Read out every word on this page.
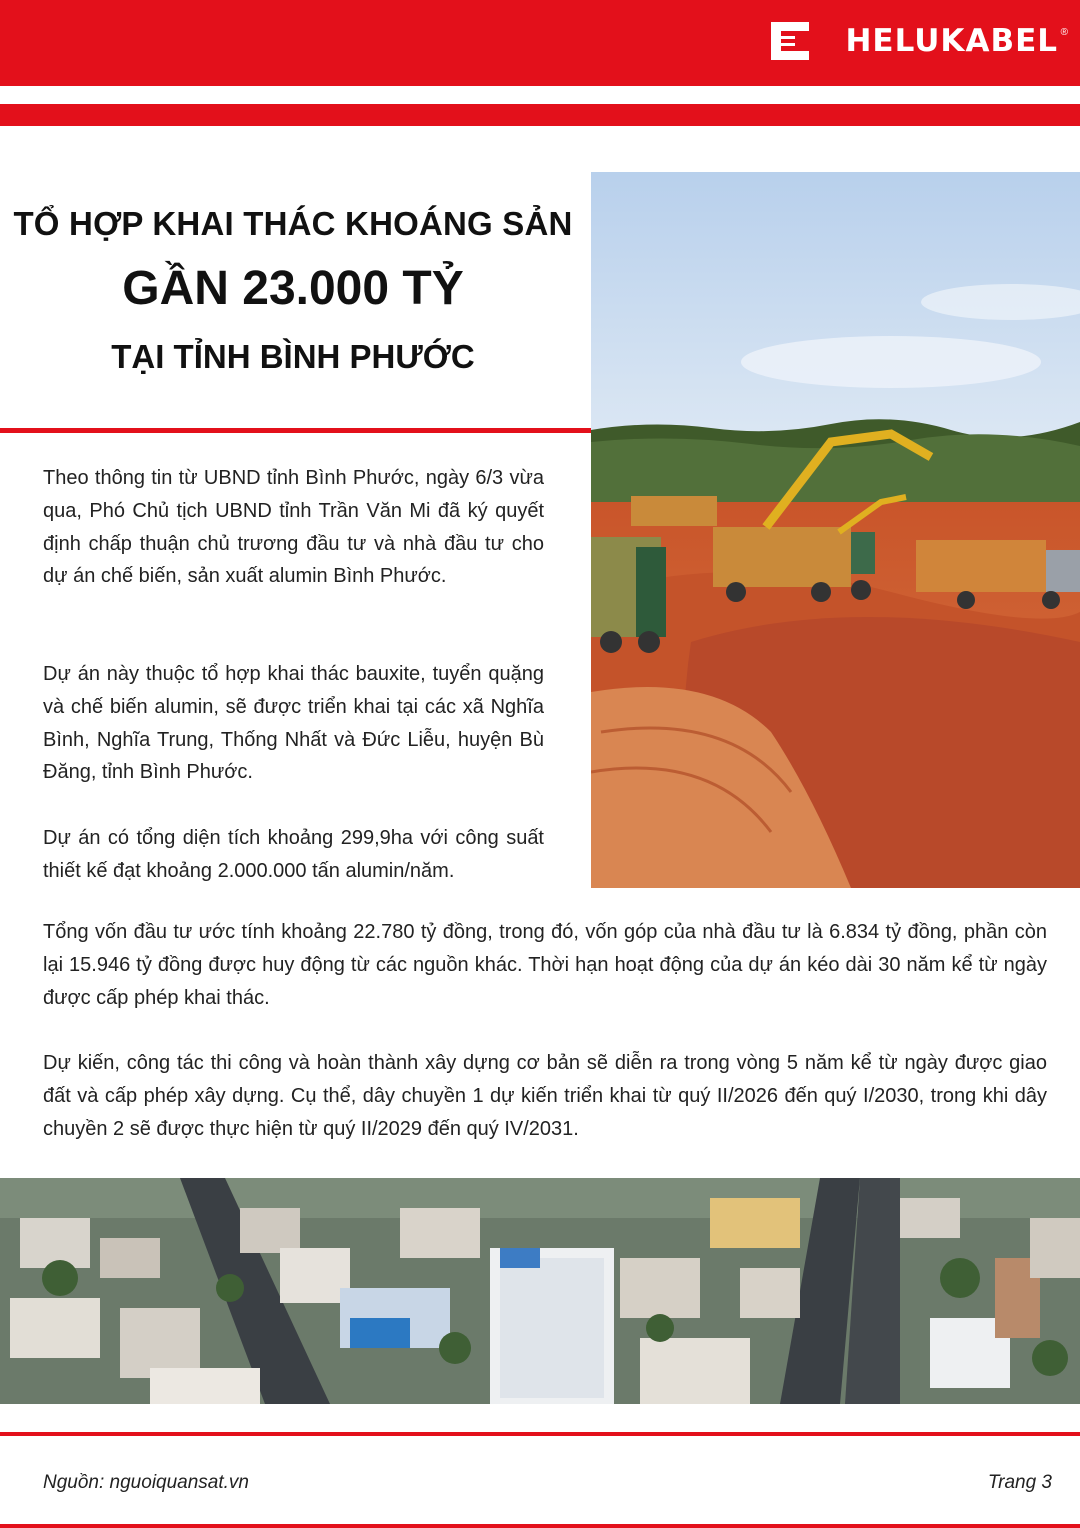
HELUKABEL ®

TỔ HỢP KHAI THÁC KHOÁNG SẢN

GẦN 23.000 TỶ

TẠI TỈNH BÌNH PHƯỚC

Theo thông tin từ UBND tỉnh Bình Phước, ngày 6/3 vừa qua, Phó Chủ tịch UBND tỉnh Trần Văn Mi đã ký quyết định chấp thuận chủ trương đầu tư và nhà đầu tư cho dự án chế biến, sản xuất alumin Bình Phước.

Dự án này thuộc tổ hợp khai thác bauxite, tuyển quặng và chế biến alumin, sẽ được triển khai tại các xã Nghĩa Bình, Nghĩa Trung, Thống Nhất và Đức Liễu, huyện Bù Đăng, tỉnh Bình Phước.

Dự án có tổng diện tích khoảng 299,9ha với công suất thiết kế đạt khoảng 2.000.000 tấn alumin/năm.

Tổng vốn đầu tư ước tính khoảng 22.780 tỷ đồng, trong đó, vốn góp của nhà đầu tư là 6.834 tỷ đồng, phần còn lại 15.946 tỷ đồng được huy động từ các nguồn khác. Thời hạn hoạt động của dự án kéo dài 30 năm kể từ ngày được cấp phép khai thác.

Dự kiến, công tác thi công và hoàn thành xây dựng cơ bản sẽ diễn ra trong vòng 5 năm kể từ ngày được giao đất và cấp phép xây dựng. Cụ thể, dây chuyền 1 dự kiến triển khai từ quý II/2026 đến quý I/2030, trong khi dây chuyền 2 sẽ được thực hiện từ quý II/2029 đến quý IV/2031.

Nguồn: nguoiquansat.vn	Trang 3
